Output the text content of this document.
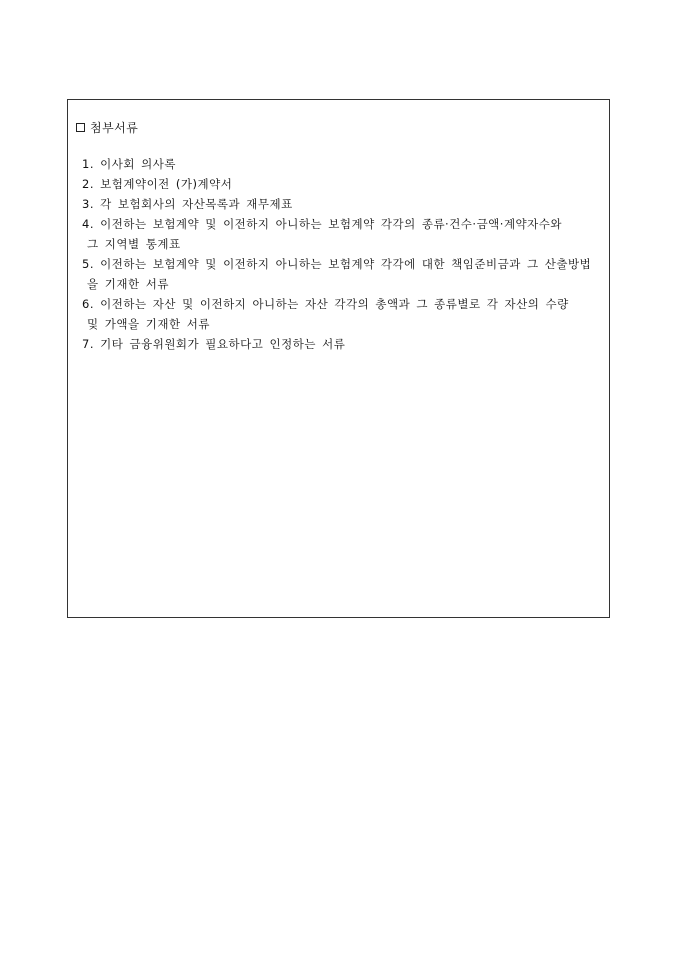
첨부서류
1. 이사회 의사록
2. 보험계약이전 (가)계약서
3. 각 보험회사의 자산목록과 재무제표
4. 이전하는 보험계약 및 이전하지 아니하는 보험계약 각각의 종류·건수·금액·계약자수와
그 지역별 통계표
5. 이전하는 보험계약 및 이전하지 아니하는 보험계약 각각에 대한 책임준비금과 그 산출방법
을 기재한 서류
6. 이전하는 자산 및 이전하지 아니하는 자산 각각의 총액과 그 종류별로 각 자산의 수량
및 가액을 기재한 서류
7. 기타 금융위원회가 필요하다고 인정하는 서류
